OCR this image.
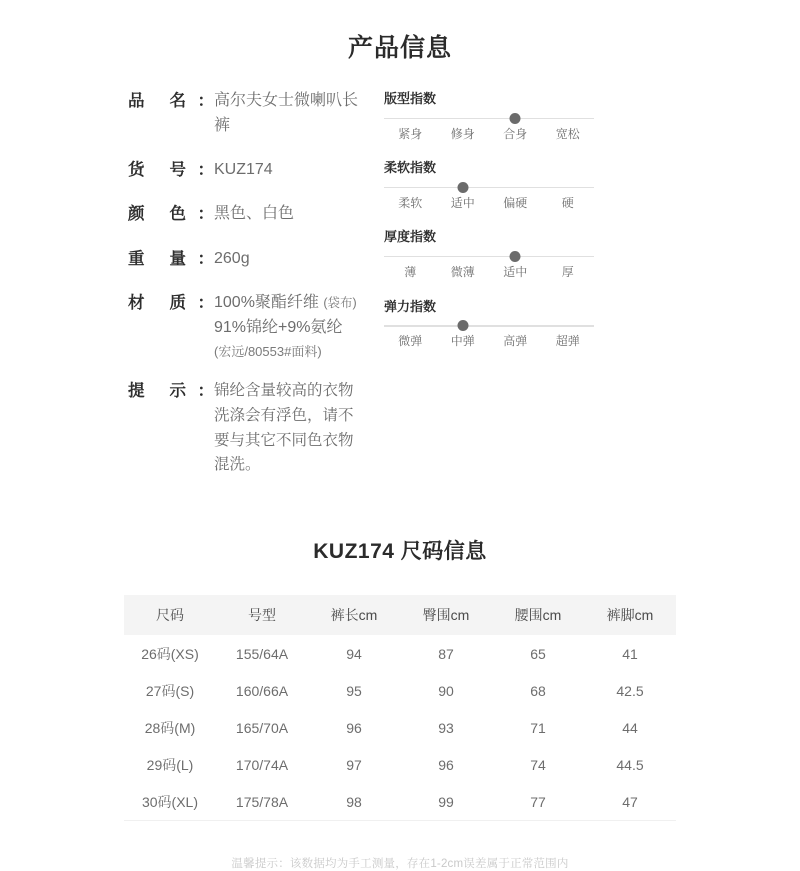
产品信息
品 名 ： 高尔夫女士微喇叭长裤
货 号 ： KUZ174
颜 色 ： 黑色、白色
重 量 ： 260g
材 质 ： 100%聚酯纤维 (袋布)
91%锦纶+9%氨纶
(宏远/80553#面料)
提 示 ： 锦纶含量较高的衣物洗涤会有浮色，请不要与其它不同色衣物混洗。
版型指数
紧身	修身	合身	宽松
柔软指数
柔软	适中	偏硬	硬
厚度指数
薄	微薄	适中	厚
弹力指数
微弹	中弹	高弹	超弹
KUZ174 尺码信息
尺码	号型	裤长cm	臀围cm	腰围cm	裤脚cm
26码(XS)	155/64A	94	87	65	41
27码(S)	160/66A	95	90	68	42.5
28码(M)	165/70A	96	93	71	44
29码(L)	170/74A	97	96	74	44.5
30码(XL)	175/78A	98	99	77	47
温馨提示：该数据均为手工测量，存在1-2cm误差属于正常范围内
